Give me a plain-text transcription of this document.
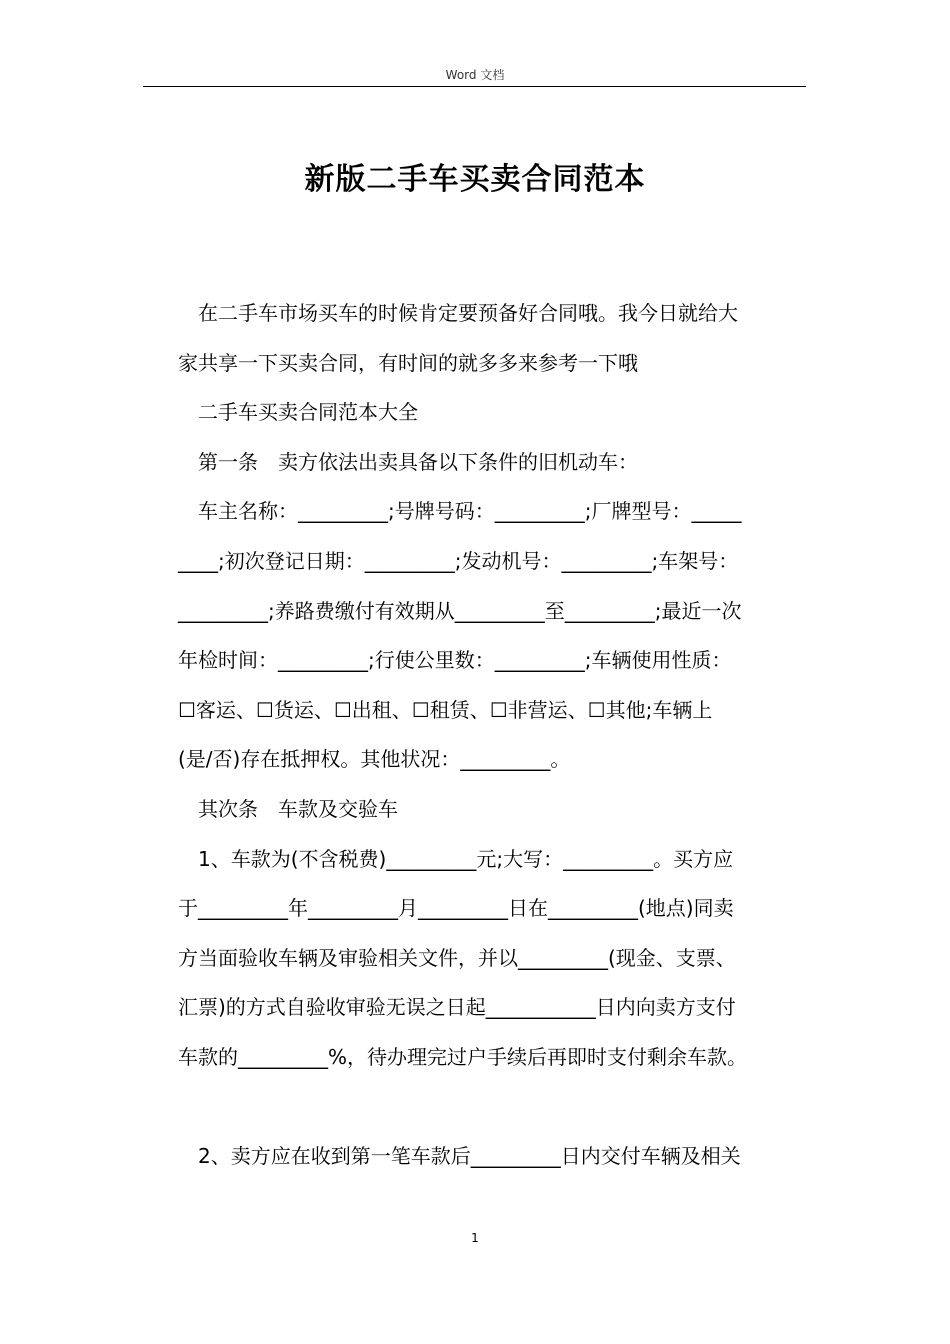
Word 文档
新版二手车买卖合同范本
在二手车市场买车的时候肯定要预备好合同哦。我今日就给大
家共享一下买卖合同，有时间的就多多来参考一下哦
二手车买卖合同范本大全
第一条　卖方依法出卖具备以下条件的旧机动车：
车主名称：_________;号牌号码：_________;厂牌型号：_____
____;初次登记日期：_________;发动机号：_________;车架号：
_________;养路费缴付有效期从_________至_________;最近一次
年检时间：_________;行使公里数：_________;车辆使用性质：
☐客运、☐货运、☐出租、☐租赁、☐非营运、☐其他;车辆上
(是/否)存在抵押权。其他状况：_________。
其次条　车款及交验车
1、车款为(不含税费)_________元;大写：_________。买方应
于_________年_________月_________日在_________(地点)同卖
方当面验收车辆及审验相关文件，并以_________(现金、支票、
汇票)的方式自验收审验无误之日起___________日内向卖方支付
车款的_________%，待办理完过户手续后再即时支付剩余车款。
2、卖方应在收到第一笔车款后_________日内交付车辆及相关
1
